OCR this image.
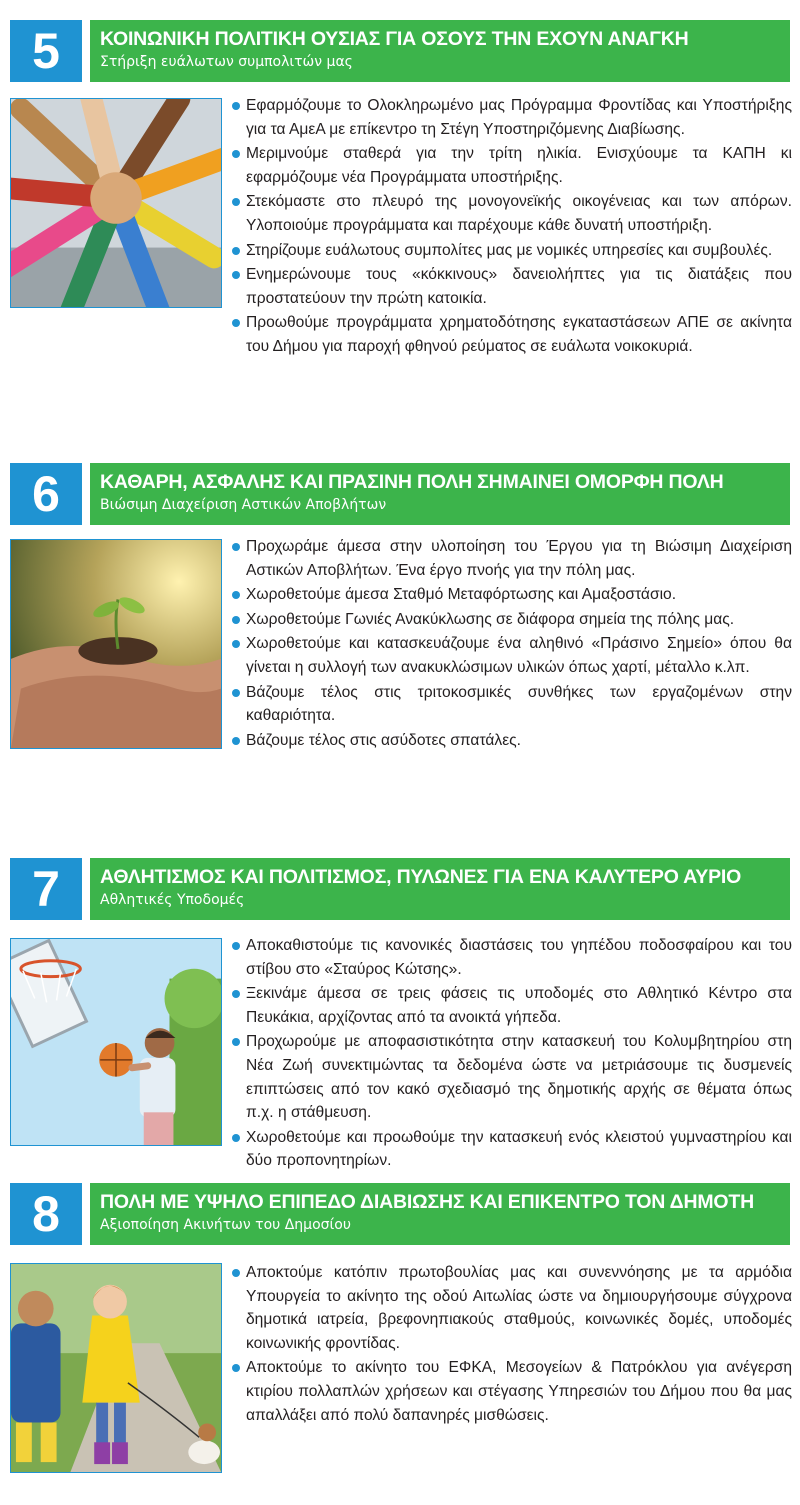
5	ΚΟΙΝΩΝΙΚΗ ΠΟΛΙΤΙΚΗ ΟΥΣΙΑΣ ΓΙΑ ΟΣΟΥΣ ΤΗΝ ΕΧΟΥΝ ΑΝΑΓΚΗ
Στήριξη ευάλωτων συμπολιτών μας
Εφαρμόζουμε το Ολοκληρωμένο μας Πρόγραμμα Φροντίδας και Υποστήριξης για τα ΑμεΑ με επίκεντρο τη Στέγη Υποστηριζόμενης Διαβίωσης.
Μεριμνούμε σταθερά για την τρίτη ηλικία. Ενισχύουμε τα ΚΑΠΗ κι εφαρμόζουμε νέα Προγράμματα υποστήριξης.
Στεκόμαστε στο πλευρό της μονογονεϊκής οικογένειας και των απόρων. Υλοποιούμε προγράμματα και παρέχουμε κάθε δυνατή υποστήριξη.
Στηρίζουμε ευάλωτους συμπολίτες μας με νομικές υπηρεσίες και συμβουλές.
Ενημερώνουμε τους «κόκκινους» δανειολήπτες για τις διατάξεις που προστατεύουν την πρώτη κατοικία.
Προωθούμε προγράμματα χρηματοδότησης εγκαταστάσεων ΑΠΕ σε ακίνητα του Δήμου για παροχή φθηνού ρεύματος σε ευάλωτα νοικοκυριά.
6	ΚΑΘΑΡΗ, ΑΣΦΑΛΗΣ ΚΑΙ ΠΡΑΣΙΝΗ ΠΟΛΗ ΣΗΜΑΙΝΕΙ ΟΜΟΡΦΗ ΠΟΛΗ
Βιώσιμη Διαχείριση Αστικών Αποβλήτων
Προχωράμε άμεσα στην υλοποίηση του Έργου για τη Βιώσιμη Διαχείριση Αστικών Αποβλήτων. Ένα έργο πνοής για την πόλη μας.
Χωροθετούμε άμεσα Σταθμό Μεταφόρτωσης και Αμαξοστάσιο.
Χωροθετούμε Γωνιές Ανακύκλωσης σε διάφορα σημεία της πόλης μας.
Χωροθετούμε και κατασκευάζουμε ένα αληθινό «Πράσινο Σημείο» όπου θα γίνεται η συλλογή των ανακυκλώσιμων υλικών όπως χαρτί, μέταλλο κ.λπ.
Βάζουμε τέλος στις τριτοκοσμικές συνθήκες των εργαζομένων στην καθαριότητα.
Βάζουμε τέλος στις ασύδοτες σπατάλες.
7	ΑΘΛΗΤΙΣΜΟΣ ΚΑΙ ΠΟΛΙΤΙΣΜΟΣ, ΠΥΛΩΝΕΣ ΓΙΑ ΕΝΑ ΚΑΛΥΤΕΡΟ ΑΥΡΙΟ
Αθλητικές Υποδομές
Αποκαθιστούμε τις κανονικές διαστάσεις του γηπέδου ποδοσφαίρου και του στίβου στο «Σταύρος Κώτσης».
Ξεκινάμε άμεσα σε τρεις φάσεις τις υποδομές στο Αθλητικό Κέντρο στα Πευκάκια, αρχίζοντας από τα ανοικτά γήπεδα.
Προχωρούμε με αποφασιστικότητα στην κατασκευή του Κολυμβητηρίου στη Νέα Ζωή συνεκτιμώντας τα δεδομένα ώστε να μετριάσουμε τις δυσμενείς επιπτώσεις από τον κακό σχεδιασμό της δημοτικής αρχής σε θέματα όπως π.χ. η στάθμευση.
Χωροθετούμε και προωθούμε την κατασκευή ενός κλειστού γυμναστηρίου και δύο προπονητηρίων.
8	ΠΟΛΗ ΜΕ ΥΨΗΛΟ ΕΠΙΠΕΔΟ ΔΙΑΒΙΩΣΗΣ ΚΑΙ ΕΠΙΚΕΝΤΡΟ ΤΟΝ ΔΗΜΟΤΗ
Αξιοποίηση Ακινήτων του Δημοσίου
Αποκτούμε κατόπιν πρωτοβουλίας μας και συνεννόησης με τα αρμόδια Υπουργεία το ακίνητο της οδού Αιτωλίας ώστε να δημιουργήσουμε σύγχρονα δημοτικά ιατρεία, βρεφονηπιακούς σταθμούς, κοινωνικές δομές, υποδομές κοινωνικής φροντίδας.
Αποκτούμε το ακίνητο του ΕΦΚΑ, Μεσογείων & Πατρόκλου για ανέγερση κτιρίου πολλαπλών χρήσεων και στέγασης Υπηρεσιών του Δήμου που θα μας απαλλάξει από πολύ δαπανηρές μισθώσεις.
